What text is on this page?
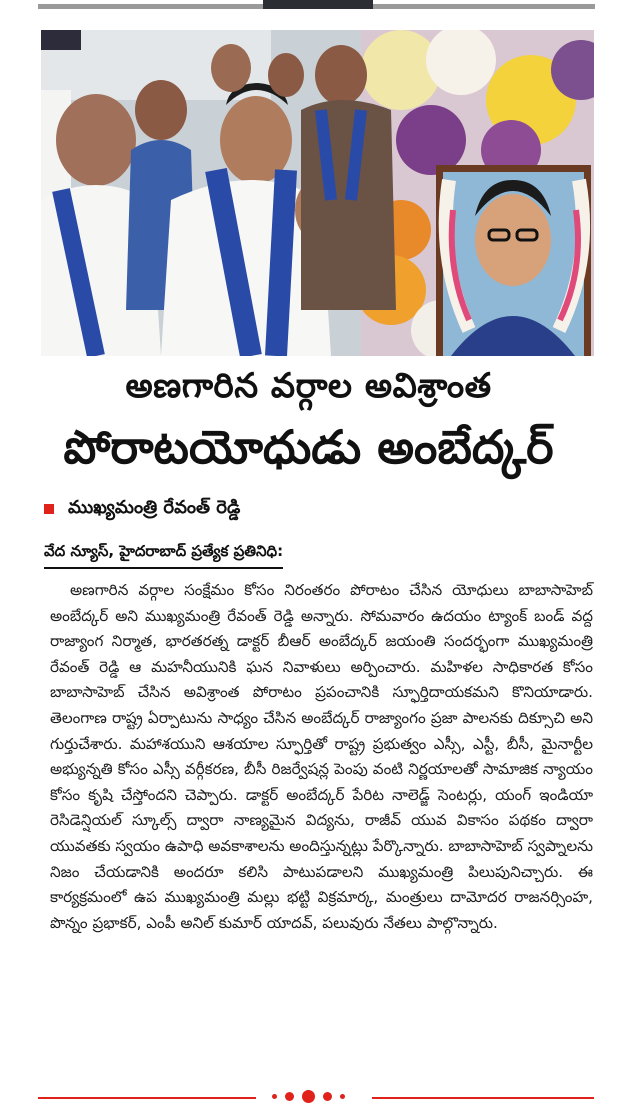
అణగారిన వర్గాల అవిశ్రాంత
పోరాటయోధుడు అంబేద్కర్
ముఖ్యమంత్రి రేవంత్ రెడ్డి
వేద న్యూస్, హైదరాబాద్ ప్రత్యేక ప్రతినిధి:
అణగారిన వర్గాల సంక్షేమం కోసం నిరంతరం పోరాటం చేసిన యోధులు బాబాసాహెబ్ అంబేద్కర్ అని ముఖ్యమంత్రి రేవంత్ రెడ్డి అన్నారు. సోమవారం ఉదయం ట్యాంక్ బండ్ వద్ద రాజ్యాంగ నిర్మాత, భారతరత్న డాక్టర్ బీఆర్ అంబేద్కర్ జయంతి సందర్భంగా ముఖ్యమంత్రి రేవంత్ రెడ్డి ఆ మహనీయునికి ఘన నివాళులు అర్పించారు. మహిళల సాధికారత కోసం బాబాసాహెబ్ చేసిన అవిశ్రాంత పోరాటం ప్రపంచానికి స్ఫూర్తిదాయకమని కొనియాడారు. తెలంగాణ రాష్ట్ర ఏర్పాటును సాధ్యం చేసిన అంబేద్కర్ రాజ్యాంగం ప్రజా పాలనకు దిక్సూచి అని గుర్తుచేశారు. మహాశయుని ఆశయాల స్ఫూర్తితో రాష్ట్ర ప్రభుత్వం ఎస్సీ, ఎస్టీ, బీసీ, మైనార్టీల అభ్యున్నతి కోసం ఎస్సీ వర్గీకరణ, బీసీ రిజర్వేషన్ల పెంపు వంటి నిర్ణయాలతో సామాజిక న్యాయం కోసం కృషి చేస్తోందని చెప్పారు. డాక్టర్ అంబేద్కర్ పేరిట నాలెడ్జ్ సెంటర్లు, యంగ్ ఇండియా రెసిడెన్షియల్ స్కూల్స్ ద్వారా నాణ్యమైన విద్యను, రాజీవ్ యువ వికాసం పథకం ద్వారా యువతకు స్వయం ఉపాధి అవకాశాలను అందిస్తున్నట్లు పేర్కొన్నారు. బాబాసాహెబ్ స్వప్నాలను నిజం చేయడానికి అందరూ కలిసి పాటుపడాలని ముఖ్యమంత్రి పిలుపునిచ్చారు. ఈ కార్యక్రమంలో ఉప ముఖ్యమంత్రి మల్లు భట్టి విక్రమార్క, మంత్రులు దామోదర రాజనర్సింహ, పొన్నం ప్రభాకర్, ఎంపీ అనిల్ కుమార్ యాదవ్, పలువురు నేతలు పాల్గొన్నారు.
